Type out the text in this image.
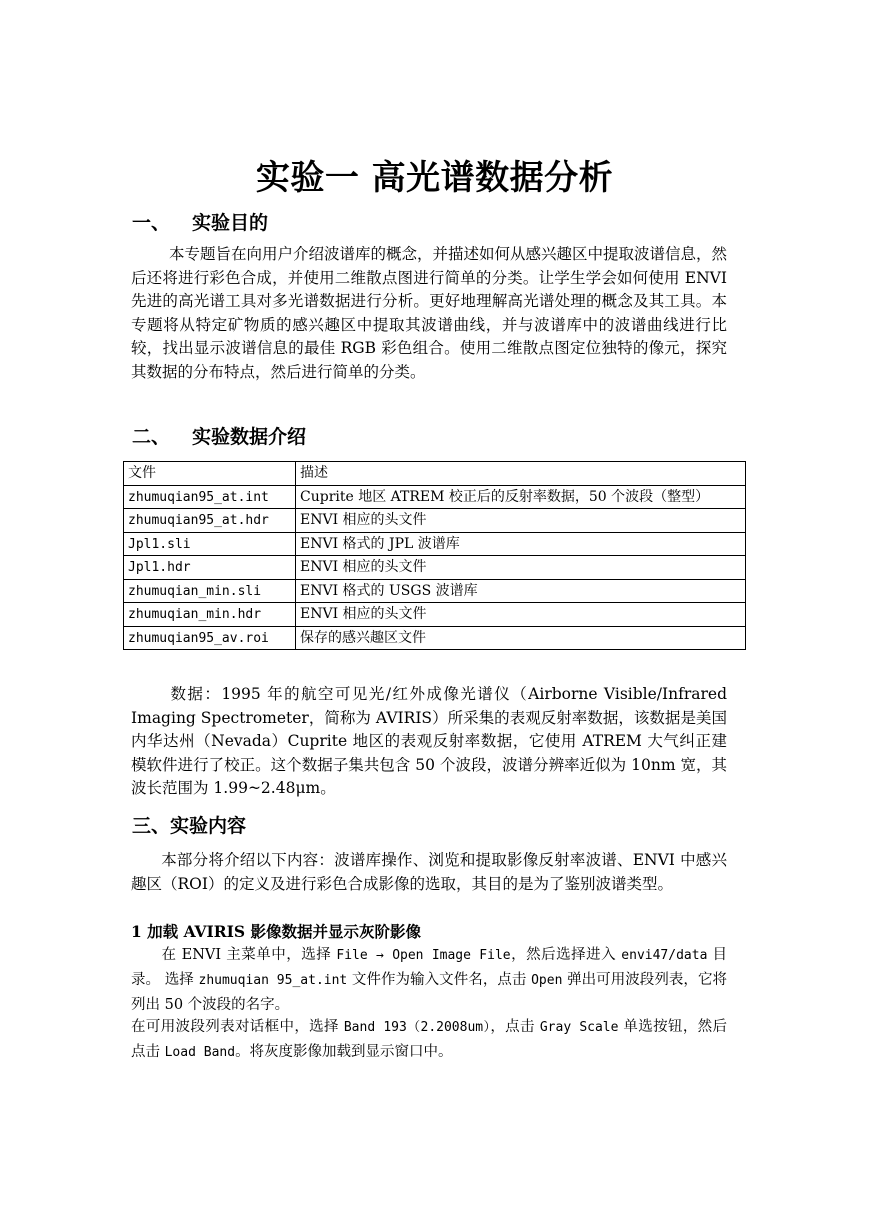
实验一 高光谱数据分析
一、 实验目的
本专题旨在向用户介绍波谱库的概念，并描述如何从感兴趣区中提取波谱信息，然后还将进行彩色合成，并使用二维散点图进行简单的分类。让学生学会如何使用 ENVI 先进的高光谱工具对多光谱数据进行分析。更好地理解高光谱处理的概念及其工具。本专题将从特定矿物质的感兴趣区中提取其波谱曲线，并与波谱库中的波谱曲线进行比较，找出显示波谱信息的最佳 RGB 彩色组合。使用二维散点图定位独特的像元，探究其数据的分布特点，然后进行简单的分类。
二、 实验数据介绍
文件	描述
zhumuqian95_at.int	Cuprite 地区 ATREM 校正后的反射率数据，50 个波段（整型）
zhumuqian95_at.hdr	ENVI 相应的头文件
Jpl1.sli	ENVI 格式的 JPL 波谱库
Jpl1.hdr	ENVI 相应的头文件
zhumuqian_min.sli	ENVI 格式的 USGS 波谱库
zhumuqian_min.hdr	ENVI 相应的头文件
zhumuqian95_av.roi	保存的感兴趣区文件
数据：1995 年的航空可见光/红外成像光谱仪（Airborne Visible/Infrared Imaging Spectrometer，简称为 AVIRIS）所采集的表观反射率数据，该数据是美国内华达州（Nevada）Cuprite 地区的表观反射率数据，它使用 ATREM 大气纠正建模软件进行了校正。这个数据子集共包含 50 个波段，波谱分辨率近似为 10nm 宽，其波长范围为 1.99~2.48μm。
三、实验内容
本部分将介绍以下内容：波谱库操作、浏览和提取影像反射率波谱、ENVI 中感兴趣区（ROI）的定义及进行彩色合成影像的选取，其目的是为了鉴别波谱类型。
1 加载 AVIRIS 影像数据并显示灰阶影像
在 ENVI 主菜单中，选择 File → Open Image File，然后选择进入 envi47/data 目录。 选择 zhumuqian 95_at.int 文件作为输入文件名，点击 Open 弹出可用波段列表，它将列出 50 个波段的名字。
在可用波段列表对话框中，选择 Band 193（2.2008um），点击 Gray Scale 单选按钮，然后点击 Load Band。将灰度影像加载到显示窗口中。
